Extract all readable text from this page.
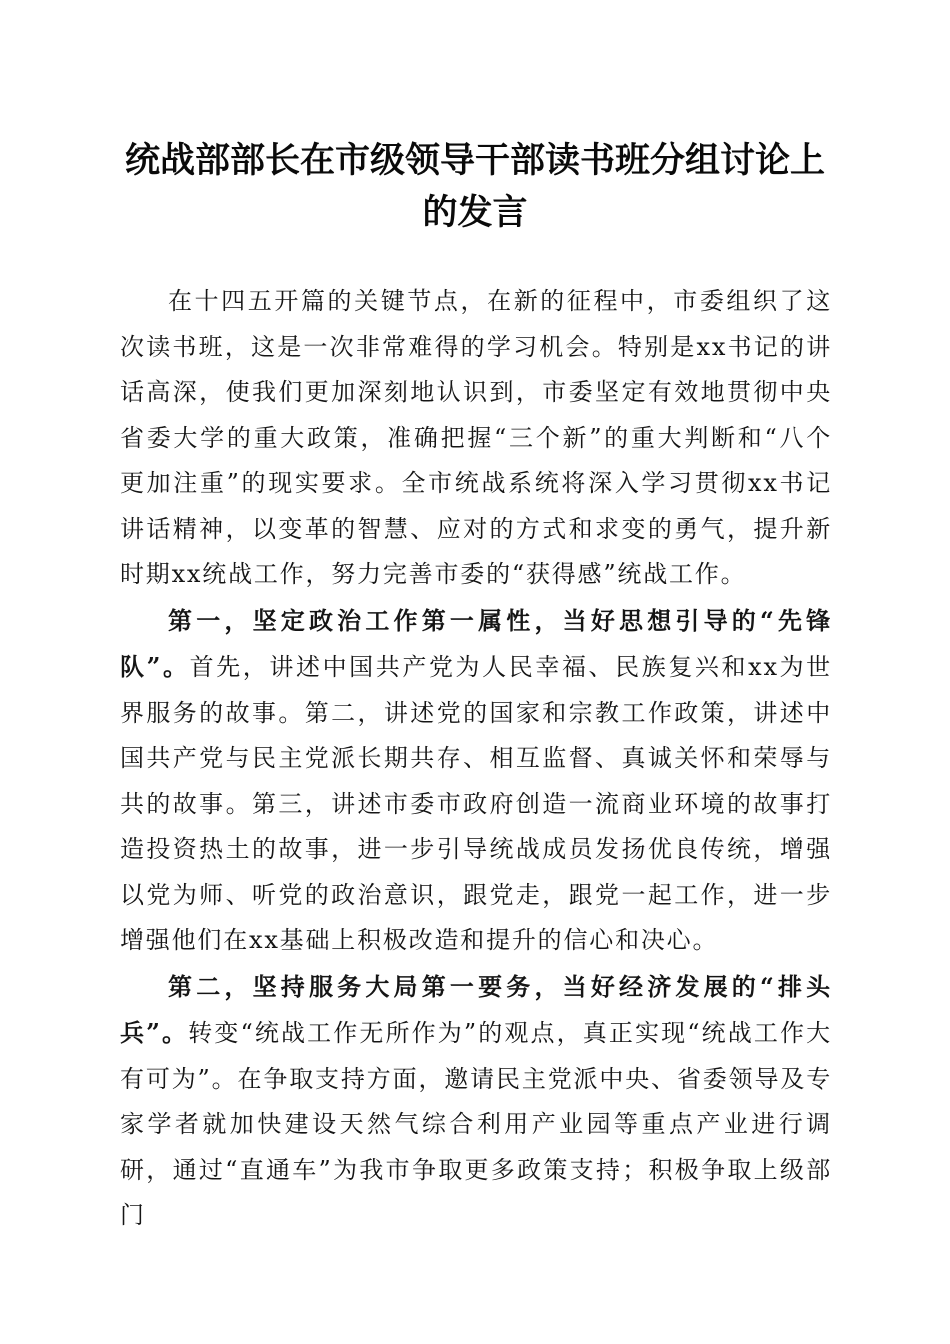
统战部部长在市级领导干部读书班分组讨论上的发言

在十四五开篇的关键节点，在新的征程中，市委组织了这次读书班，这是一次非常难得的学习机会。特别是xx书记的讲话高深，使我们更加深刻地认识到，市委坚定有效地贯彻中央省委大学的重大政策，准确把握“三个新”的重大判断和“八个更加注重”的现实要求。全市统战系统将深入学习贯彻xx书记讲话精神，以变革的智慧、应对的方式和求变的勇气，提升新时期xx统战工作，努力完善市委的“获得感”统战工作。

第一，坚定政治工作第一属性，当好思想引导的“先锋队”。首先，讲述中国共产党为人民幸福、民族复兴和xx为世界服务的故事。第二，讲述党的国家和宗教工作政策，讲述中国共产党与民主党派长期共存、相互监督、真诚关怀和荣辱与共的故事。第三，讲述市委市政府创造一流商业环境的故事打造投资热土的故事，进一步引导统战成员发扬优良传统，增强以党为师、听党的政治意识，跟党走，跟党一起工作，进一步增强他们在xx基础上积极改造和提升的信心和决心。

第二，坚持服务大局第一要务，当好经济发展的“排头兵”。转变“统战工作无所作为”的观点，真正实现“统战工作大有可为”。在争取支持方面，邀请民主党派中央、省委领导及专家学者就加快建设天然气综合利用产业园等重点产业进行调研，通过“直通车”为我市争取更多政策支持；积极争取上级部门
